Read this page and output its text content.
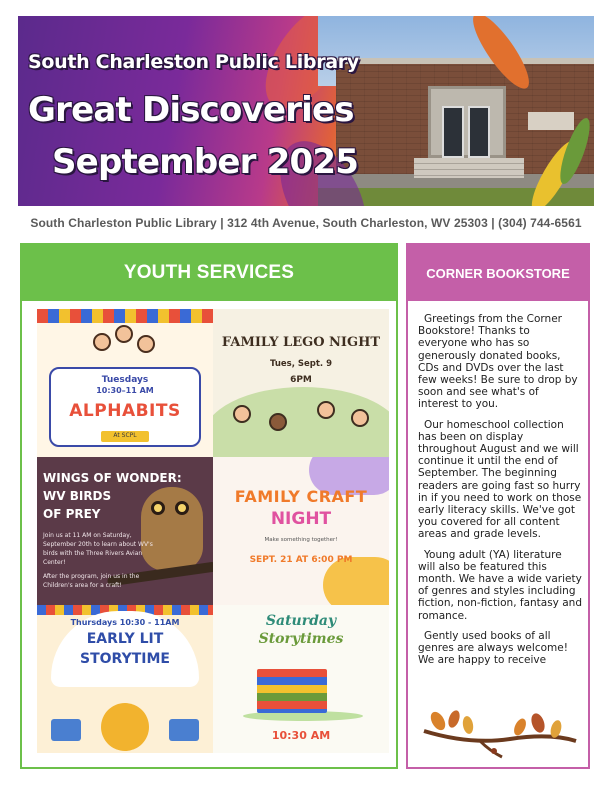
South Charleston Public Library
Great Discoveries
September 2025
South Charleston Public Library | 312 4th Avenue, South Charleston, WV 25303 | (304) 744-6561
YOUTH SERVICES
Tuesdays
10:30–11 AM
ALPHABITS
At SCPL
FAMILY LEGO NIGHT
Tues, Sept. 9
6PM
WINGS OF WONDER:
WV BIRDS
OF PREY
Join us at 11 AM on Saturday,
September 20th to learn about WV's
birds with the Three Rivers Avian
Center!
After the program, join us in the
Children's area for a craft!
FAMILY CRAFT
NIGHT
Make something together!
SEPT. 21 AT 6:00 PM
Thursdays 10:30 - 11AM
EARLY LIT
STORYTIME
Saturday
Storytimes
10:30 AM
CORNER BOOKSTORE

Greetings from the Corner Bookstore! Thanks to everyone who has so generously donated books, CDs and DVDs over the last few weeks! Be sure to drop by soon and see what's of interest to you.

Our homeschool collection has been on display throughout August and we will continue it until the end of September. The beginning readers are going fast so hurry in if you need to work on those early literacy skills. We've got you covered for all content areas and grade levels.

Young adult (YA) literature will also be featured this month. We have a wide variety of genres and styles including fiction, non-fiction, fantasy and romance.

Gently used books of all genres are always welcome! We are happy to receive
